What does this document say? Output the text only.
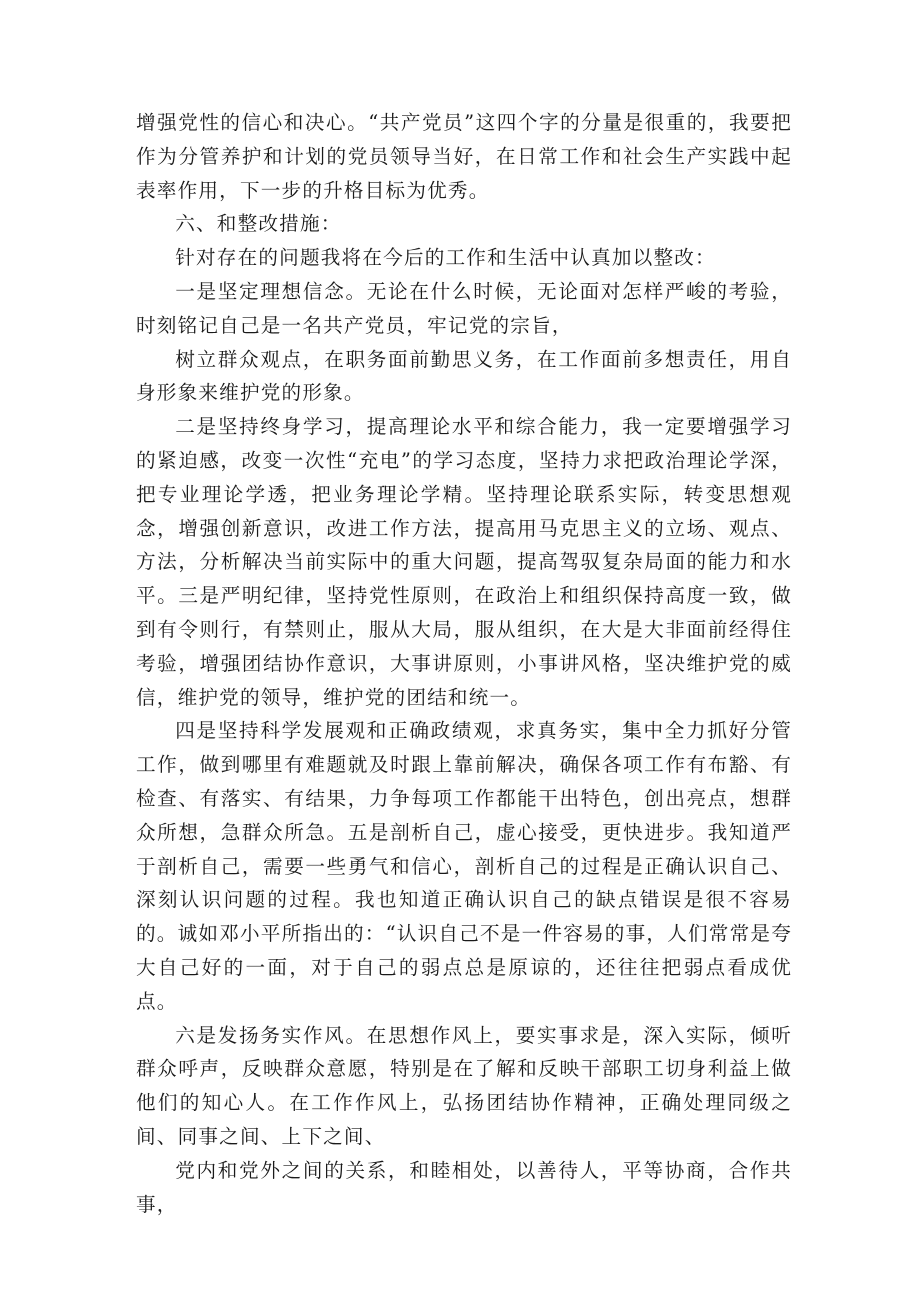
增强党性的信心和决心。“共产党员”这四个字的分量是很重的，我要把作为分管养护和计划的党员领导当好，在日常工作和社会生产实践中起表率作用，下一步的升格目标为优秀。

六、和整改措施：

针对存在的问题我将在今后的工作和生活中认真加以整改：

一是坚定理想信念。无论在什么时候，无论面对怎样严峻的考验，时刻铭记自己是一名共产党员，牢记党的宗旨，

树立群众观点，在职务面前勤思义务，在工作面前多想责任，用自身形象来维护党的形象。

二是坚持终身学习，提高理论水平和综合能力，我一定要增强学习的紧迫感，改变一次性“充电”的学习态度，坚持力求把政治理论学深，把专业理论学透，把业务理论学精。坚持理论联系实际，转变思想观念，增强创新意识，改进工作方法，提高用马克思主义的立场、观点、方法，分析解决当前实际中的重大问题，提高驾驭复杂局面的能力和水平。三是严明纪律，坚持党性原则，在政治上和组织保持高度一致，做到有令则行，有禁则止，服从大局，服从组织，在大是大非面前经得住考验，增强团结协作意识，大事讲原则，小事讲风格，坚决维护党的威信，维护党的领导，维护党的团结和统一。

四是坚持科学发展观和正确政绩观，求真务实，集中全力抓好分管工作，做到哪里有难题就及时跟上靠前解决，确保各项工作有布豁、有检查、有落实、有结果，力争每项工作都能干出特色，创出亮点，想群众所想，急群众所急。五是剖析自己，虚心接受，更快进步。我知道严于剖析自己，需要一些勇气和信心，剖析自己的过程是正确认识自己、深刻认识问题的过程。我也知道正确认识自己的缺点错误是很不容易的。诚如邓小平所指出的：“认识自己不是一件容易的事，人们常常是夸大自己好的一面，对于自己的弱点总是原谅的，还往往把弱点看成优点。

六是发扬务实作风。在思想作风上，要实事求是，深入实际，倾听群众呼声，反映群众意愿，特别是在了解和反映干部职工切身利益上做他们的知心人。在工作作风上，弘扬团结协作精神，正确处理同级之间、同事之间、上下之间、

党内和党外之间的关系，和睦相处，以善待人，平等协商，合作共事，
